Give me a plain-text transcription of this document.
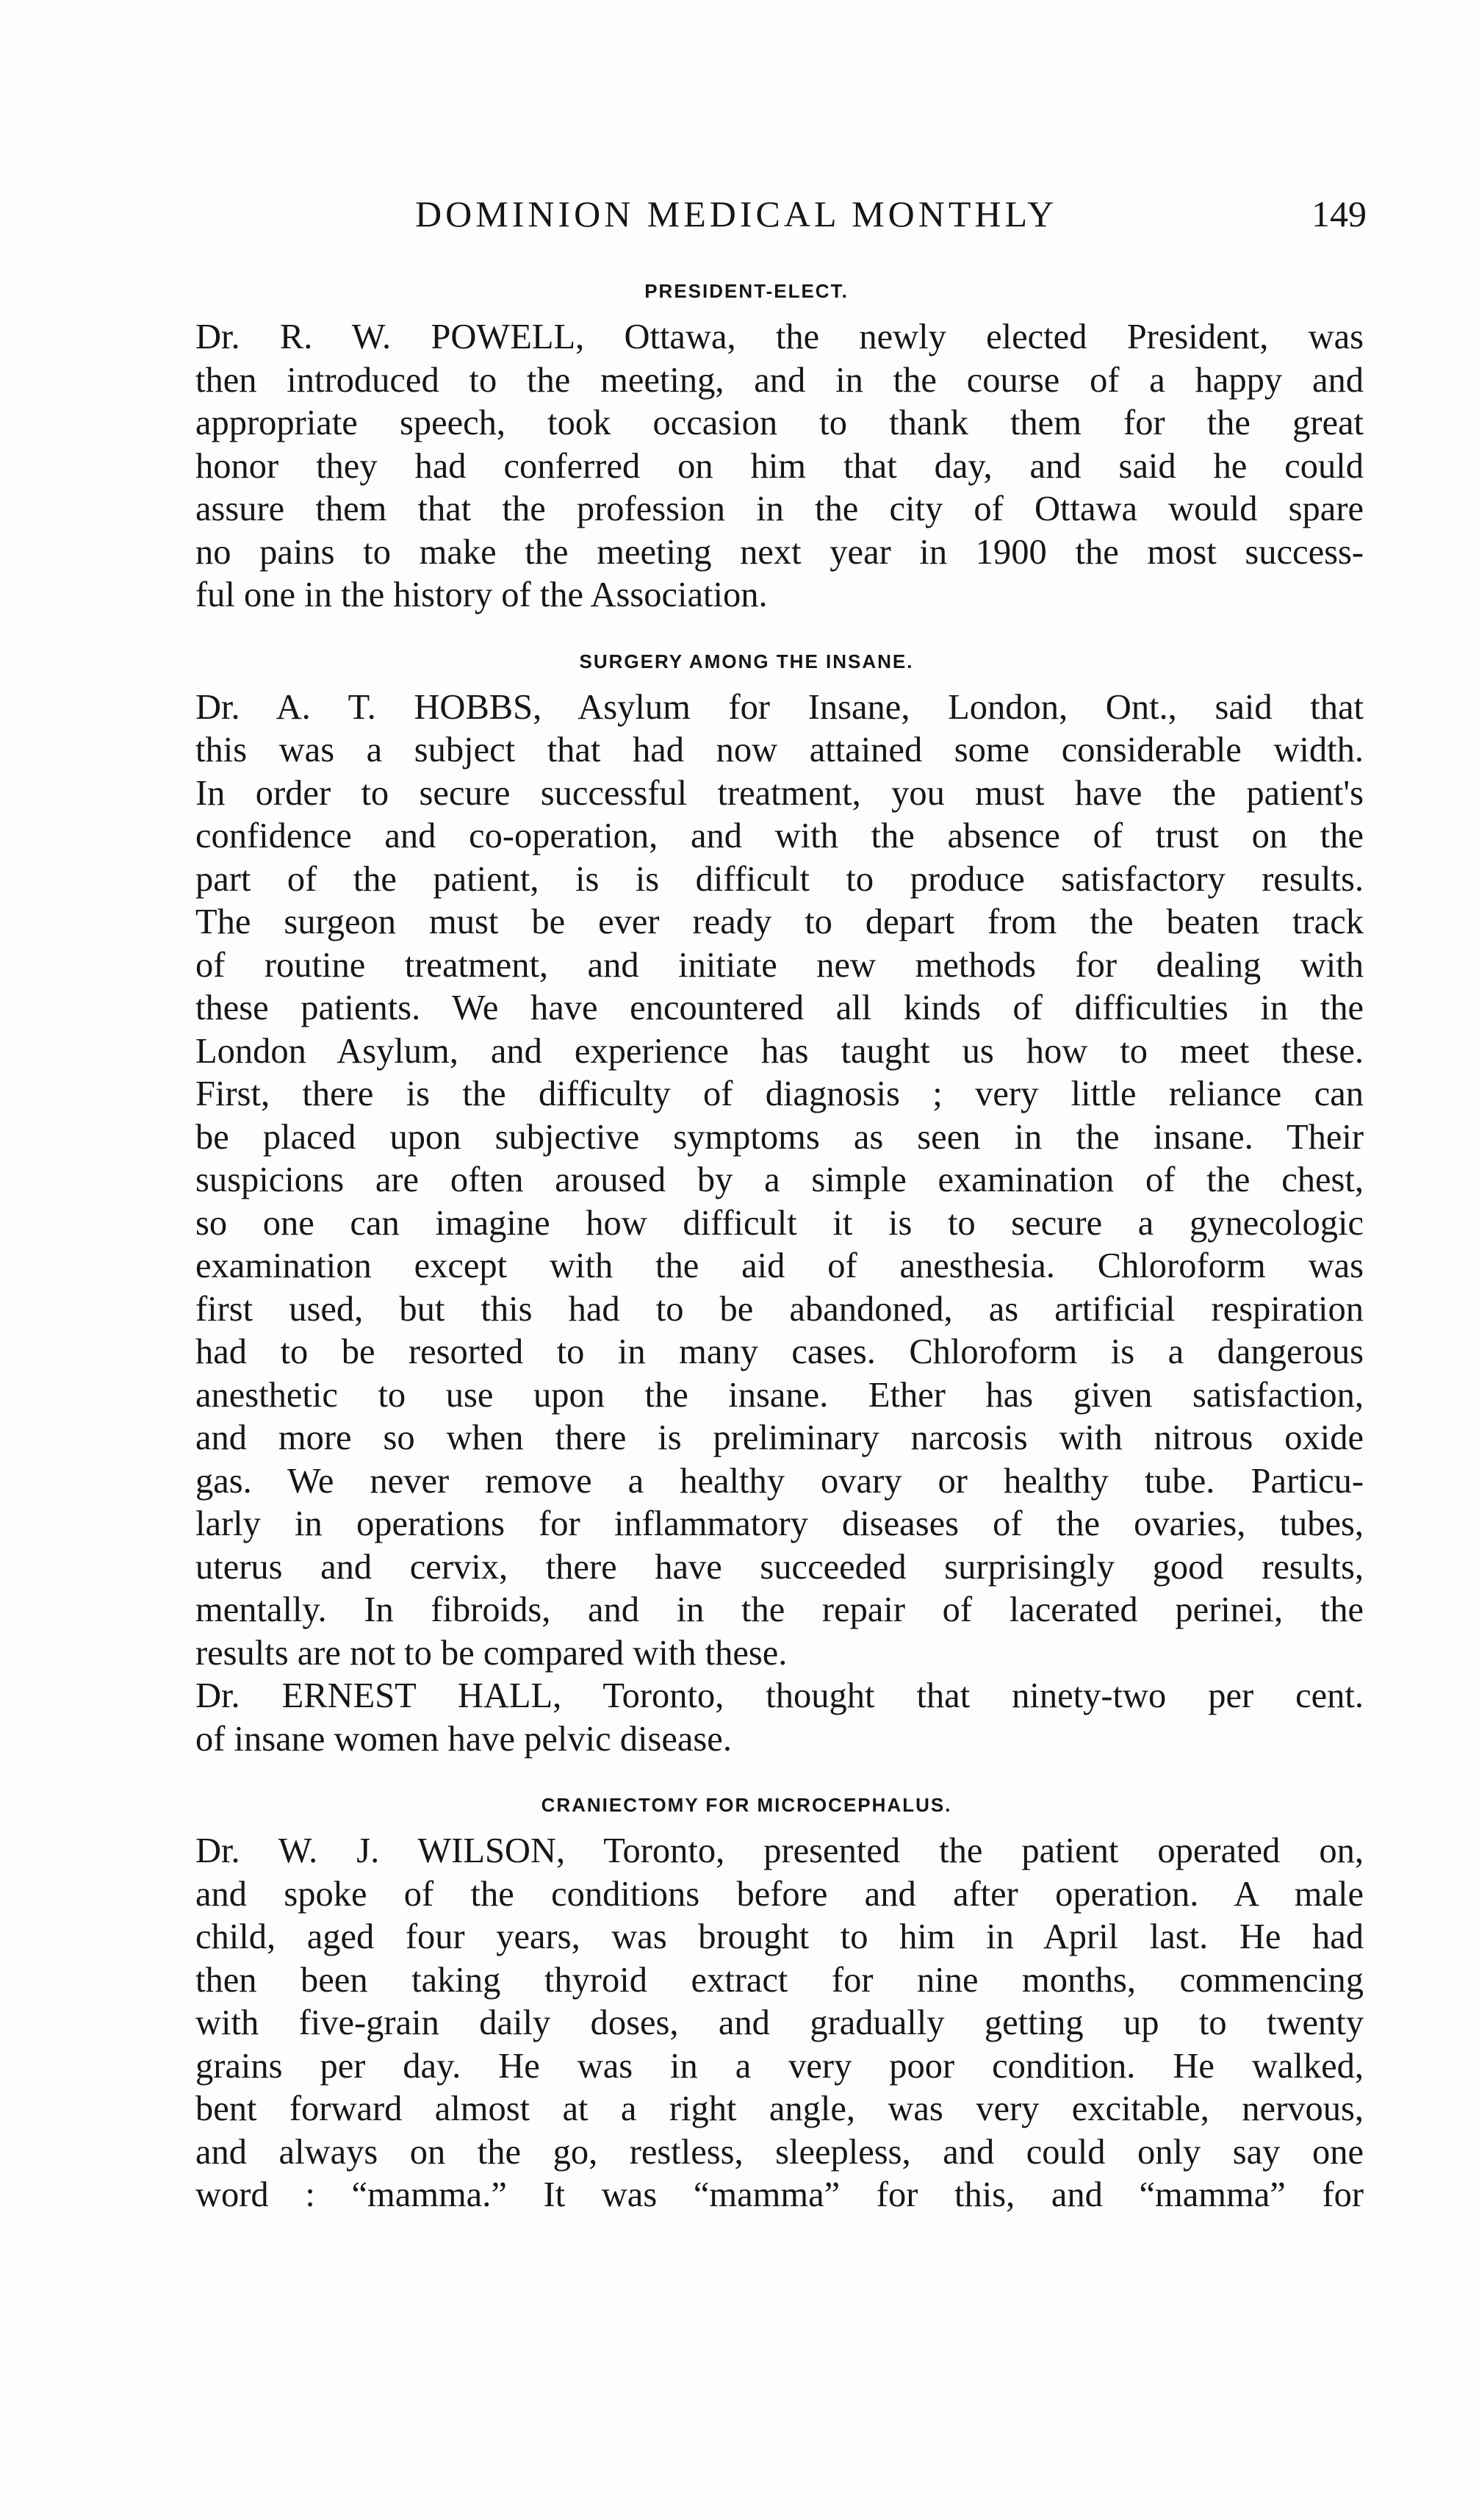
DOMINION MEDICAL MONTHLY	149
PRESIDENT-ELECT.
Dr. R. W. POWELL, Ottawa, the newly elected President, was
then introduced to the meeting, and in the course of a happy and
appropriate speech, took occasion to thank them for the great
honor they had conferred on him that day, and said he could
assure them that the profession in the city of Ottawa would spare
no pains to make the meeting next year in 1900 the most success-
ful one in the history of the Association.
SURGERY AMONG THE INSANE.
Dr. A. T. HOBBS, Asylum for Insane, London, Ont., said that
this was a subject that had now attained some considerable width.
In order to secure successful treatment, you must have the patient's
confidence and co-operation, and with the absence of trust on the
part of the patient, is is difficult to produce satisfactory results.
The surgeon must be ever ready to depart from the beaten track
of routine treatment, and initiate new methods for dealing with
these patients. We have encountered all kinds of difficulties in the
London Asylum, and experience has taught us how to meet these.
First, there is the difficulty of diagnosis ; very little reliance can
be placed upon subjective symptoms as seen in the insane. Their
suspicions are often aroused by a simple examination of the chest,
so one can imagine how difficult it is to secure a gynecologic
examination except with the aid of anesthesia. Chloroform was
first used, but this had to be abandoned, as artificial respiration
had to be resorted to in many cases. Chloroform is a dangerous
anesthetic to use upon the insane. Ether has given satisfaction,
and more so when there is preliminary narcosis with nitrous oxide
gas. We never remove a healthy ovary or healthy tube. Particu-
larly in operations for inflammatory diseases of the ovaries, tubes,
uterus and cervix, there have succeeded surprisingly good results,
mentally. In fibroids, and in the repair of lacerated perinei, the
results are not to be compared with these.
Dr. ERNEST HALL, Toronto, thought that ninety-two per cent.
of insane women have pelvic disease.
CRANIECTOMY FOR MICROCEPHALUS.
Dr. W. J. WILSON, Toronto, presented the patient operated on,
and spoke of the conditions before and after operation. A male
child, aged four years, was brought to him in April last. He had
then been taking thyroid extract for nine months, commencing
with five-grain daily doses, and gradually getting up to twenty
grains per day. He was in a very poor condition. He walked,
bent forward almost at a right angle, was very excitable, nervous,
and always on the go, restless, sleepless, and could only say one
word : “mamma.” It was “mamma” for this, and “mamma” for
